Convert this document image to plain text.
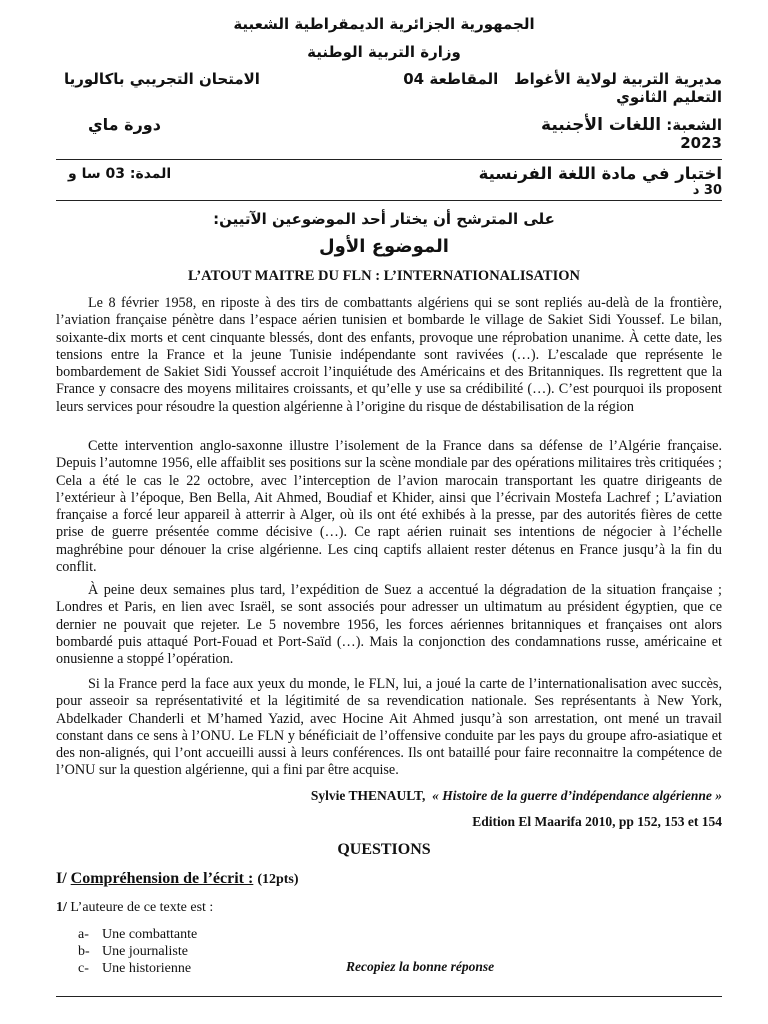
الجمهورية الجزائرية الديمقراطية الشعبية
وزارة التربية الوطنية
مديرية التربية لولاية الأغواط   المقاطعة 04
التعليم الثانوي
الامتحان التجريبي باكالوريا
الشعبة: اللغات الأجنبية
2023
دورة ماي
اختبار في مادة اللغة الفرنسية
30 د
المدة: 03 سا و
على المترشح أن يختار أحد الموضوعين الآتيين:
الموضوع الأول
L’ATOUT MAITRE DU FLN : L’INTERNATIONALISATION

Le 8 février 1958, en riposte à des tirs de combattants algériens qui se sont repliés au-delà de la frontière, l’aviation française pénètre dans l’espace aérien tunisien et bombarde le village de Sakiet Sidi Youssef. Le bilan, soixante-dix morts et cent cinquante blessés, dont des enfants, provoque une réprobation unanime. À cette date, les tensions entre la France et la jeune Tunisie indépendante sont ravivées (…). L’escalade que représente le bombardement de Sakiet Sidi Youssef accroit l’inquiétude des Américains et des Britanniques. Ils regrettent que la France y consacre des moyens militaires croissants, et qu’elle y use sa crédibilité (…). C’est pourquoi ils proposent leurs services pour résoudre la question algérienne à l’origine du risque de déstabilisation de la région

Cette intervention anglo-saxonne illustre l’isolement de la France dans sa défense de l’Algérie française. Depuis l’automne 1956, elle affaiblit ses positions sur la scène mondiale par des opérations militaires très critiquées ; Cela a été le cas le 22 octobre, avec l’interception de l’avion marocain transportant les quatre dirigeants de l’extérieur à l’époque, Ben Bella, Ait Ahmed, Boudiaf et Khider, ainsi que l’écrivain Mostefa Lachref ; L’aviation française a forcé leur appareil à atterrir à Alger, où ils ont été exhibés à la presse, par des autorités fières de cette prise de guerre présentée comme décisive (…). Ce rapt aérien ruinait ses intentions de négocier à l’échelle maghrébine pour dénouer la crise algérienne. Les cinq captifs allaient rester détenus en France jusqu’à la fin du conflit.

À peine deux semaines plus tard, l’expédition de Suez a accentué la dégradation de la situation française ; Londres et Paris, en lien avec Israël, se sont associés pour adresser un ultimatum au président égyptien, que ce dernier ne pouvait que rejeter. Le 5 novembre 1956, les forces aériennes britanniques et françaises ont alors bombardé puis attaqué Port-Fouad et Port-Saïd (…). Mais la conjonction des condamnations russe, américaine et onusienne a stoppé l’opération.

Si la France perd la face aux yeux du monde, le FLN, lui, a joué la carte de l’internationalisation avec succès, pour asseoir sa représentativité et la légitimité de sa revendication nationale. Ses représentants à New York, Abdelkader Chanderli et M’hamed Yazid, avec Hocine Ait Ahmed jusqu’à son arrestation, ont mené un travail constant dans ce sens à l’ONU. Le FLN y bénéficiait de l’offensive conduite par les pays du groupe afro-asiatique et des non-alignés, qui l’ont accueilli aussi à leurs conférences. Ils ont bataillé pour faire reconnaitre la compétence de l’ONU sur la question algérienne, qui a fini par être acquise.

Sylvie THENAULT, « Histoire de la guerre d’indépendance algérienne »
Edition El Maarifa 2010, pp 152, 153 et 154
QUESTIONS
I/ Compréhension de l’écrit : (12pts)
1/ L’auteure de ce texte est :
a- Une combattante
b- Une journaliste
c- Une historienne	Recopiez la bonne réponse
